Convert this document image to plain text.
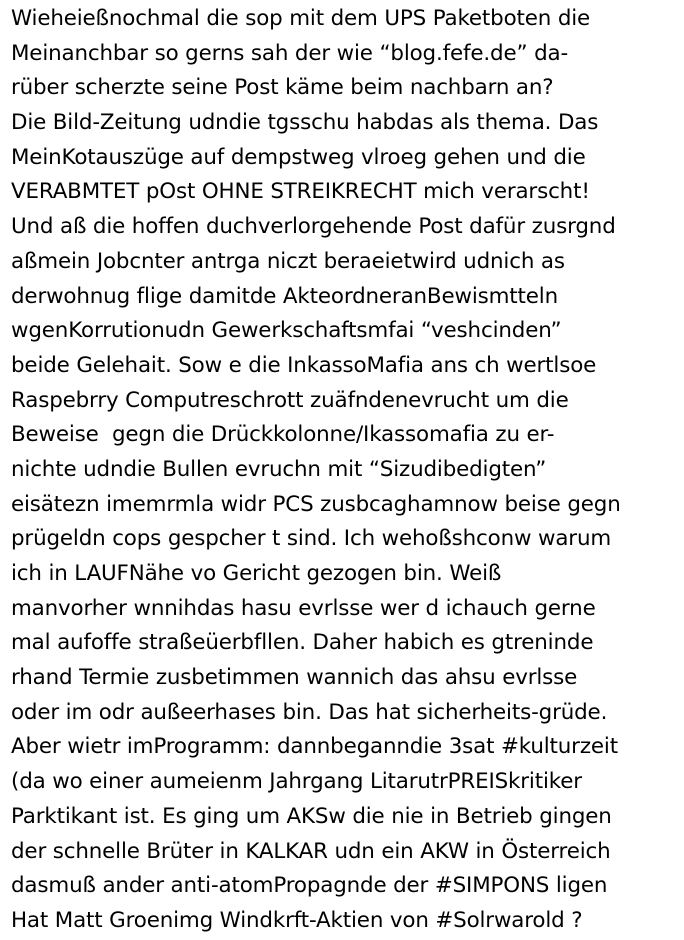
Wieheießnochmal die sop mit dem UPS Paketboten die
Meinanchbar so gerns sah der wie “blog.fefe.de” da-
rüber scherzte seine Post käme beim nachbarn an?
Die Bild-Zeitung udndie tgsschu habdas als thema. Das
MeinKotauszüge auf dempstweg vlroeg gehen und die
VERABMTET pOst OHNE STREIKRECHT mich verarscht!
Und aß die hoffen duchverlorgehende Post dafür zusrgnd
aßmein Jobcnter antrga niczt beraeietwird udnich as
derwohnug flige damitde AkteordneranBewismtteln
wgenKorrutionudn Gewerkschaftsmfai “veshcinden”
beide Gelehait. Sow e die InkassoMafia ans ch wertlsoe
Raspebrry Computreschrott zuäfndenevrucht um die
Beweise  gegn die Drückkolonne/Ikassomafia zu er-
nichte udndie Bullen evruchn mit “Sizudibedigten”
eisätezn imemrmla widr PCS zusbcaghamnow beise gegn
prügeldn cops gespcher t sind. Ich wehoßshconw warum
ich in LAUFNähe vo Gericht gezogen bin. Weiß
manvorher wnnihdas hasu evrlsse wer d ichauch gerne
mal aufoffe straßeüerbfllen. Daher habich es gtreninde
rhand Termie zusbetimmen wannich das ahsu evrlsse
oder im odr außeerhases bin. Das hat sicherheits-grüde.
Aber wietr imProgramm: dannbeganndie 3sat #kulturzeit
(da wo einer aumeienm Jahrgang LitarutrPREISkritiker
Parktikant ist. Es ging um AKSw die nie in Betrieb gingen
der schnelle Brüter in KALKAR udn ein AKW in Österreich
dasmuß ander anti-atomPropagnde der #SIMPONS ligen
Hat Matt Groenimg Windkrft-Aktien von #Solrwarold ?
